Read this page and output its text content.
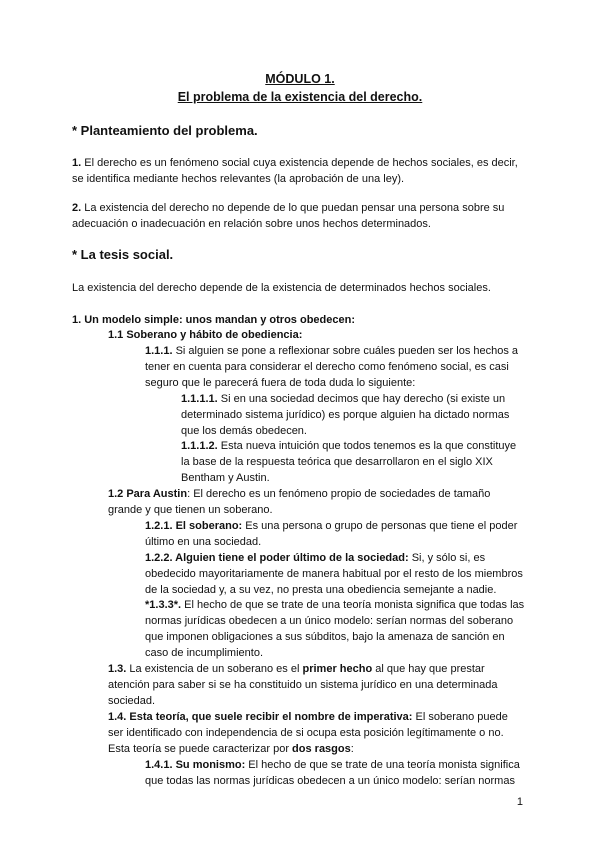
MÓDULO 1.
El problema de la existencia del derecho.
* Planteamiento del problema.
1. El derecho es un fenómeno social cuya existencia depende de hechos sociales, es decir,
se identifica mediante hechos relevantes (la aprobación de una ley).
2. La existencia del derecho no depende de lo que puedan pensar una persona sobre su
adecuación o inadecuación en relación sobre unos hechos determinados.
* La tesis social.
La existencia del derecho depende de la existencia de determinados hechos sociales.
1. Un modelo simple: unos mandan y otros obedecen:
1.1 Soberano y hábito de obediencia:
1.1.1. Si alguien se pone a reflexionar sobre cuáles pueden ser los hechos a
tener en cuenta para considerar el derecho como fenómeno social, es casi
seguro que le parecerá fuera de toda duda lo siguiente:
1.1.1.1. Si en una sociedad decimos que hay derecho (si existe un
determinado sistema jurídico) es porque alguien ha dictado normas
que los demás obedecen.
1.1.1.2. Esta nueva intuición que todos tenemos es la que constituye
la base de la respuesta teórica que desarrollaron en el siglo XIX
Bentham y Austin.
1.2 Para Austin: El derecho es un fenómeno propio de sociedades de tamaño
grande y que tienen un soberano.
1.2.1. El soberano: Es una persona o grupo de personas que tiene el poder
último en una sociedad.
1.2.2. Alguien tiene el poder último de la sociedad: Si, y sólo si, es
obedecido mayoritariamente de manera habitual por el resto de los miembros
de la sociedad y, a su vez, no presta una obediencia semejante a nadie.
*1.3.3*. El hecho de que se trate de una teoría monista significa que todas las
normas jurídicas obedecen a un único modelo: serían normas del soberano
que imponen obligaciones a sus súbditos, bajo la amenaza de sanción en
caso de incumplimiento.
1.3. La existencia de un soberano es el primer hecho al que hay que prestar
atención para saber si se ha constituido un sistema jurídico en una determinada
sociedad.
1.4. Esta teoría, que suele recibir el nombre de imperativa: El soberano puede
ser identificado con independencia de si ocupa esta posición legítimamente o no.
Esta teoría se puede caracterizar por dos rasgos:
1.4.1. Su monismo: El hecho de que se trate de una teoría monista significa
que todas las normas jurídicas obedecen a un único modelo: serían normas
1
